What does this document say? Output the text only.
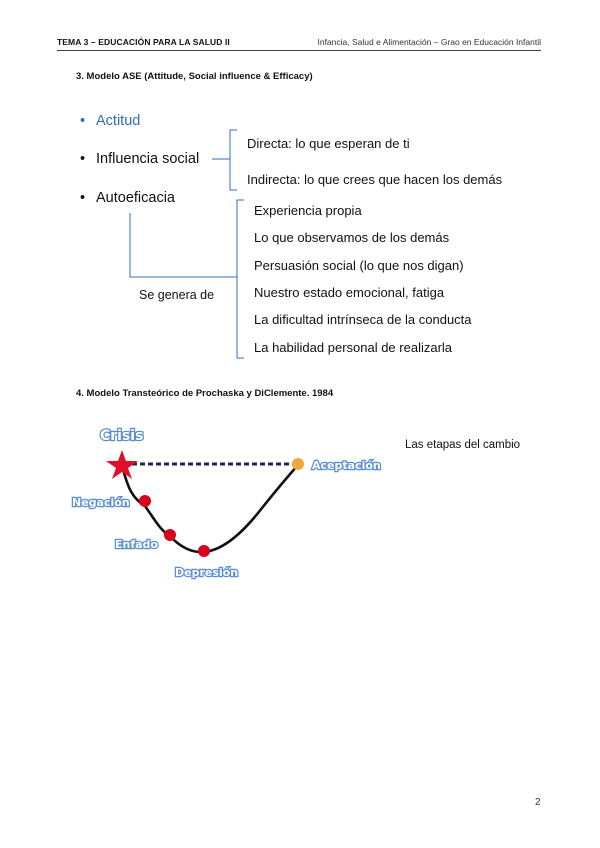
TEMA 3 – EDUCACIÓN PARA LA SALUD II	Infancia, Salud e Alimentación – Grao en Educación Infantil
3. Modelo ASE (Attitude, Social influence & Efficacy)
• Actitud
• Influencia social
• Autoeficacia
Directa: lo que esperan de ti
Indirecta: lo que crees que hacen los demás
Experiencia propia
Lo que observamos de los demás
Persuasión social (lo que nos digan)
Nuestro estado emocional, fatiga
La dificultad intrínseca de la conducta
La habilidad personal de realizarla
Se genera de
4. Modelo Transteórico de Prochaska y DiClemente. 1984
Las etapas del cambio
2
Crisis
Negación
Enfado
Depresión
Aceptación
